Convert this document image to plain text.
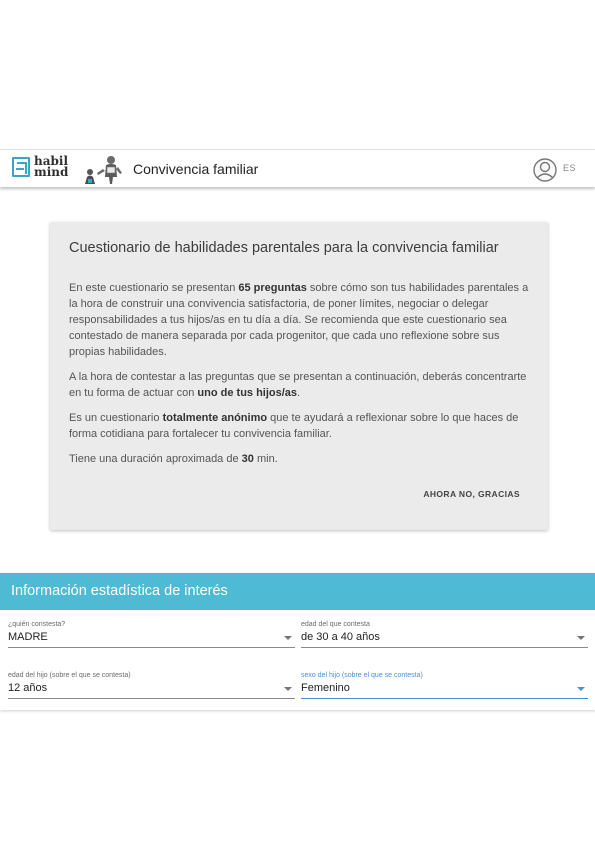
habil
mind	Convivencia familiar	ES
Cuestionario de habilidades parentales para la convivencia familiar

En este cuestionario se presentan 65 preguntas sobre cómo son tus habilidades parentales a la hora de construir una convivencia satisfactoria, de poner límites, negociar o delegar responsabilidades a tus hijos/as en tu día a día. Se recomienda que este cuestionario sea contestado de manera separada por cada progenitor, que cada uno reflexione sobre sus propias habilidades.

A la hora de contestar a las preguntas que se presentan a continuación, deberás concentrarte en tu forma de actuar con uno de tus hijos/as.

Es un cuestionario totalmente anónimo que te ayudará a reflexionar sobre lo que haces de forma cotidiana para fortalecer tu convivencia familiar.

Tiene una duración aproximada de 30 min.

AHORA NO, GRACIAS
Información estadística de interés
¿quién constesta?
MADRE
edad del que contesta
de 30 a 40 años
edad del hijo (sobre el que se contesta)
12 años
sexo del hijo (sobre el que se contesta)
Femenino
